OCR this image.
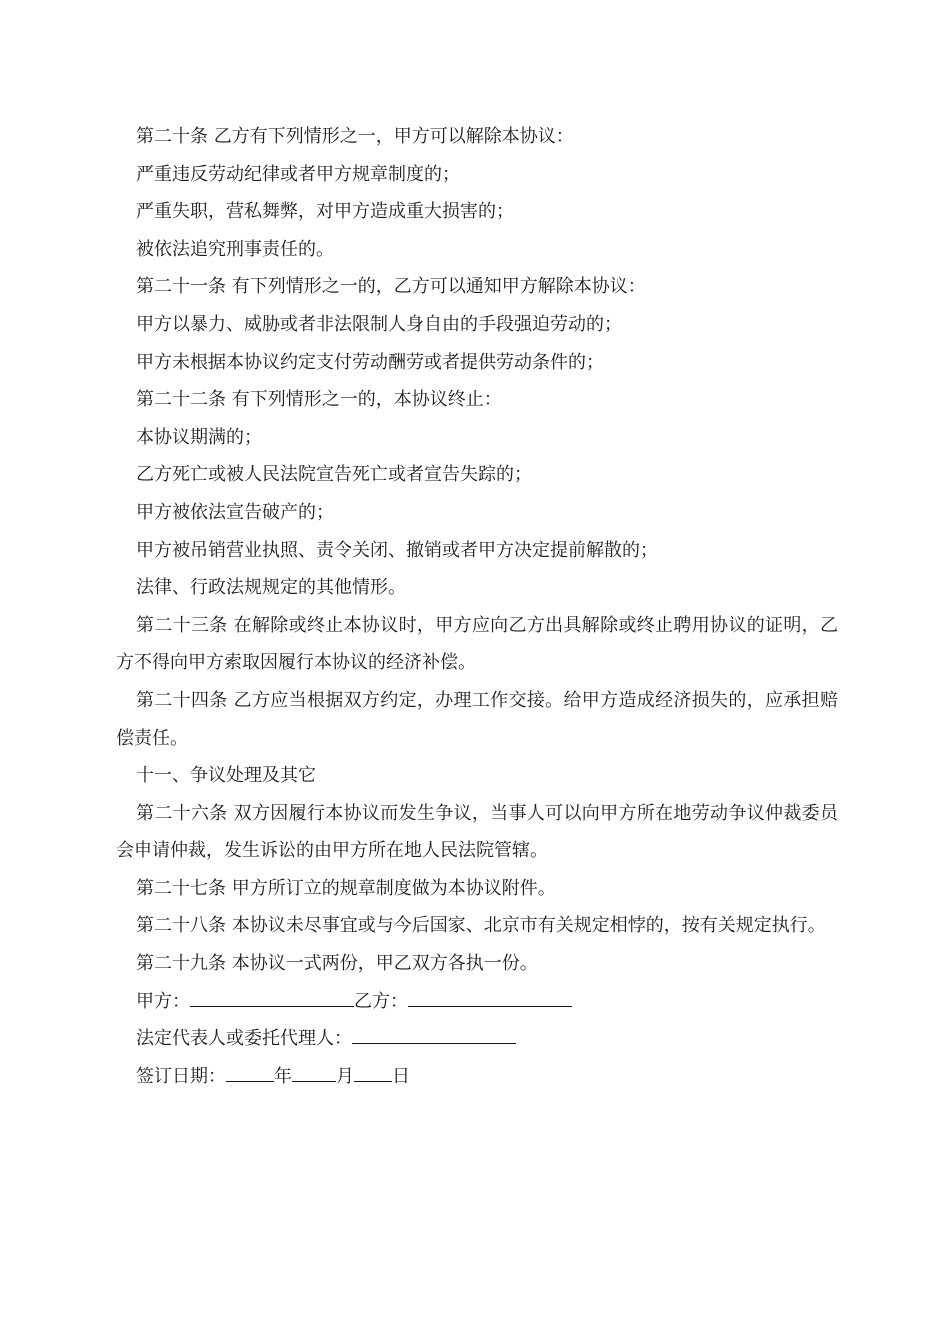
第二十条 乙方有下列情形之一，甲方可以解除本协议：
严重违反劳动纪律或者甲方规章制度的；
严重失职，营私舞弊，对甲方造成重大损害的；
被依法追究刑事责任的。
第二十一条 有下列情形之一的，乙方可以通知甲方解除本协议：
甲方以暴力、威胁或者非法限制人身自由的手段强迫劳动的；
甲方未根据本协议约定支付劳动酬劳或者提供劳动条件的；
第二十二条 有下列情形之一的，本协议终止：
本协议期满的；
乙方死亡或被人民法院宣告死亡或者宣告失踪的；
甲方被依法宣告破产的；
甲方被吊销营业执照、责令关闭、撤销或者甲方决定提前解散的；
法律、行政法规规定的其他情形。

第二十三条 在解除或终止本协议时，甲方应向乙方出具解除或终止聘用协议的证明，乙方不得向甲方索取因履行本协议的经济补偿。

第二十四条 乙方应当根据双方约定，办理工作交接。给甲方造成经济损失的，应承担赔偿责任。

十一、争议处理及其它

第二十六条 双方因履行本协议而发生争议，当事人可以向甲方所在地劳动争议仲裁委员会申请仲裁，发生诉讼的由甲方所在地人民法院管辖。

第二十七条 甲方所订立的规章制度做为本协议附件。

第二十八条 本协议未尽事宜或与今后国家、北京市有关规定相悖的，按有关规定执行。

第二十九条 本协议一式两份，甲乙双方各执一份。
甲方：	乙方：
法定代表人或委托代理人：
签订日期：	年 月 日
